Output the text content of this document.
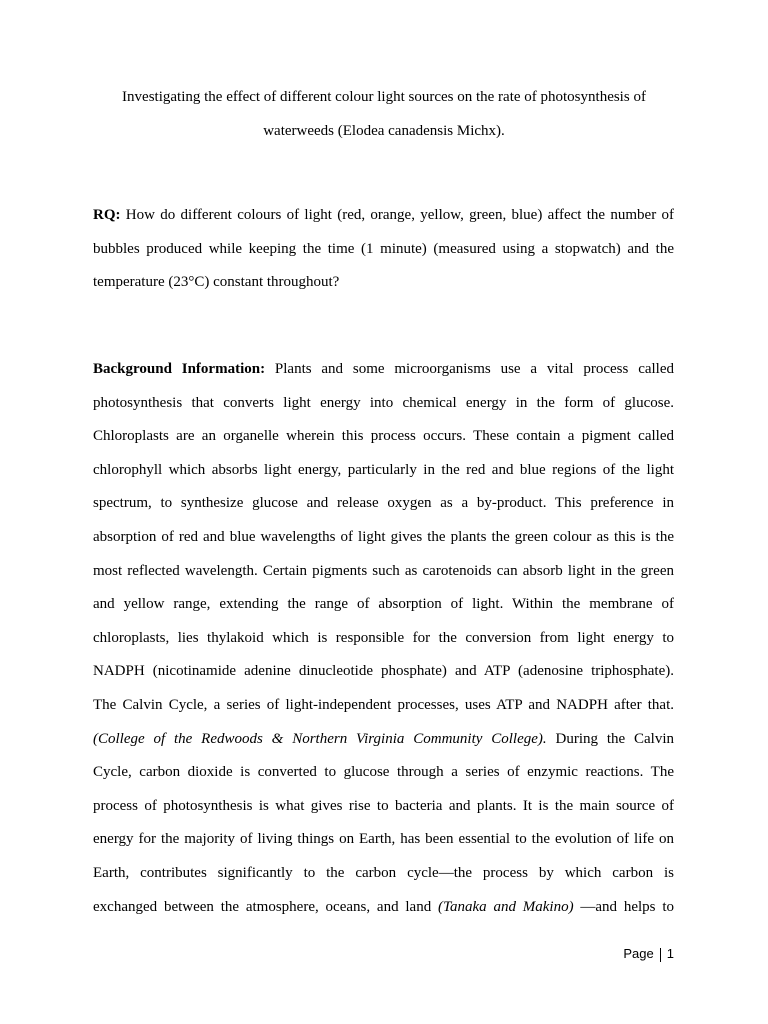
Investigating the effect of different colour light sources on the rate of photosynthesis of
waterweeds (Elodea canadensis Michx).
RQ: How do different colours of light (red, orange, yellow, green, blue) affect the number of
bubbles produced while keeping the time (1 minute) (measured using a stopwatch) and the
temperature (23°C) constant throughout?
Background Information: Plants and some microorganisms use a vital process called
photosynthesis that converts light energy into chemical energy in the form of glucose.
Chloroplasts are an organelle wherein this process occurs. These contain a pigment called
chlorophyll which absorbs light energy, particularly in the red and blue regions of the light
spectrum, to synthesize glucose and release oxygen as a by-product. This preference in
absorption of red and blue wavelengths of light gives the plants the green colour as this is the
most reflected wavelength. Certain pigments such as carotenoids can absorb light in the green
and yellow range, extending the range of absorption of light. Within the membrane of
chloroplasts, lies thylakoid which is responsible for the conversion from light energy to
NADPH (nicotinamide adenine dinucleotide phosphate) and ATP (adenosine triphosphate).
The Calvin Cycle, a series of light-independent processes, uses ATP and NADPH after that.
(College of the Redwoods & Northern Virginia Community College). During the Calvin
Cycle, carbon dioxide is converted to glucose through a series of enzymic reactions. The
process of photosynthesis is what gives rise to bacteria and plants. It is the main source of
energy for the majority of living things on Earth, has been essential to the evolution of life on
Earth, contributes significantly to the carbon cycle—the process by which carbon is
exchanged between the atmosphere, oceans, and land (Tanaka and Makino) —and helps to
Page 1
